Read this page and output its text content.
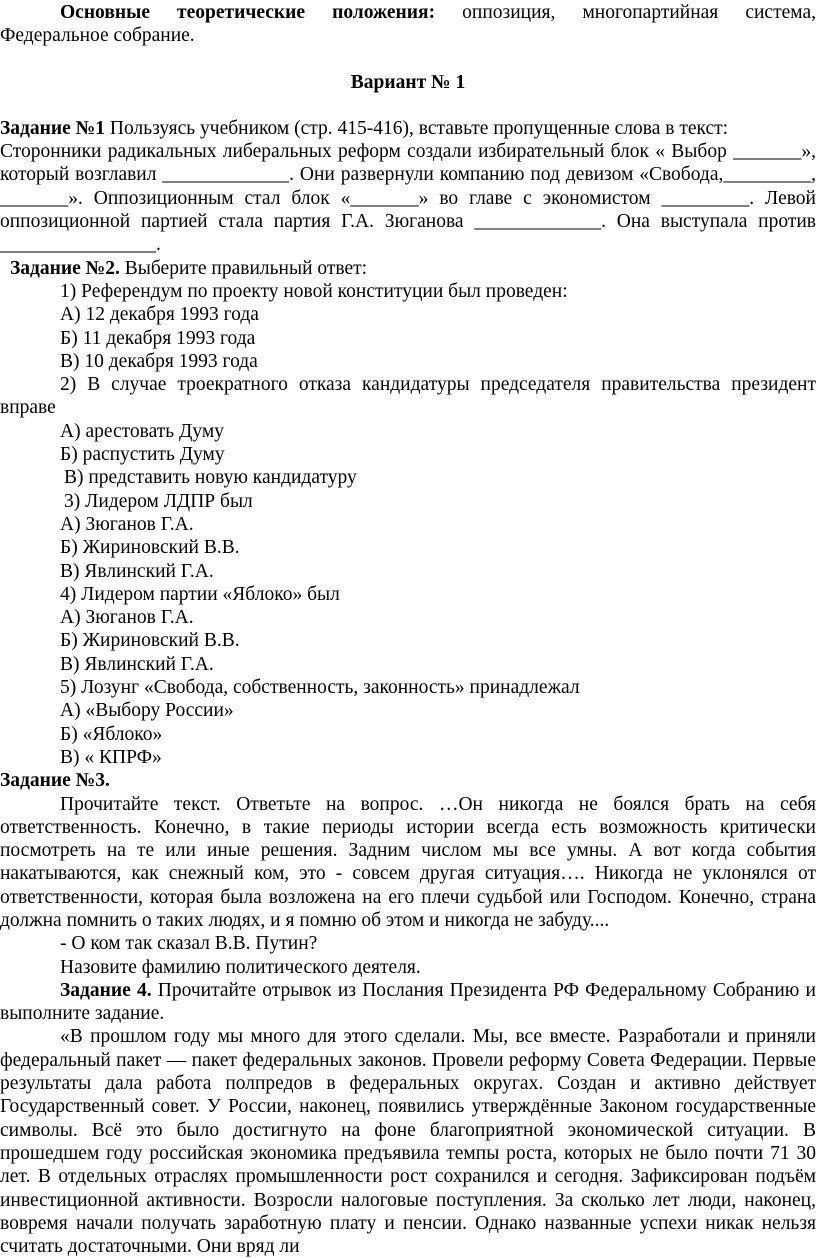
Основные теоретические положения: оппозиция, многопартийная система, Федеральное собрание.

Вариант № 1

Задание №1 Пользуясь учебником (стр. 415-416), вставьте пропущенные слова в текст:

Сторонники радикальных либеральных реформ создали избирательный блок « Выбор _______», который возглавил _____________. Они развернули компанию под девизом «Свобода,_________, _______». Оппозиционным стал блок «_______» во главе с экономистом _________. Левой оппозиционной партией стала партия Г.А. Зюганова _____________. Она выступала против ________________.

Задание №2. Выберите правильный ответ:

1) Референдум по проекту новой конституции был проведен:

А) 12 декабря 1993 года

Б) 11 декабря 1993 года

В) 10 декабря 1993 года

2) В случае троекратного отказа кандидатуры председателя правительства президент вправе

А) арестовать Думу

Б) распустить Думу

В) представить новую кандидатуру

3) Лидером ЛДПР был

А) Зюганов Г.А.

Б) Жириновский В.В.

В) Явлинский Г.А.

4) Лидером партии «Яблоко» был

А) Зюганов Г.А.

Б) Жириновский В.В.

В) Явлинский Г.А.

5) Лозунг «Свобода, собственность, законность» принадлежал

А) «Выбору России»

Б) «Яблоко»

В) « КПРФ»

Задание №3.

Прочитайте текст. Ответьте на вопрос. …Он никогда не боялся брать на себя ответственность. Конечно, в такие периоды истории всегда есть возможность критически посмотреть на те или иные решения. Задним числом мы все умны. А вот когда события накатываются, как снежный ком, это - совсем другая ситуация…. Никогда не уклонялся от ответственности, которая была возложена на его плечи судьбой или Господом. Конечно, страна должна помнить о таких людях, и я помню об этом и никогда не забуду....

- О ком так сказал В.В. Путин?

Назовите фамилию политического деятеля.

Задание 4. Прочитайте отрывок из Послания Президента РФ Федеральному Собранию и выполните задание.

«В прошлом году мы много для этого сделали. Мы, все вместе. Разработали и приняли федеральный пакет — пакет федеральных законов. Провели реформу Совета Федерации. Первые результаты дала работа полпредов в федеральных округах. Создан и активно действует Государственный совет. У России, наконец, появились утверждённые Законом государственные символы. Всё это было достигнуто на фоне благоприятной экономической ситуации. В прошедшем году российская экономика предъявила темпы роста, которых не было почти 71 30 лет. В отдельных отраслях промышленности рост сохранился и сегодня. Зафиксирован подъём инвестиционной активности. Возросли налоговые поступления. За сколько лет люди, наконец, вовремя начали получать заработную плату и пенсии. Однако названные успехи никак нельзя считать достаточными. Они вряд ли
